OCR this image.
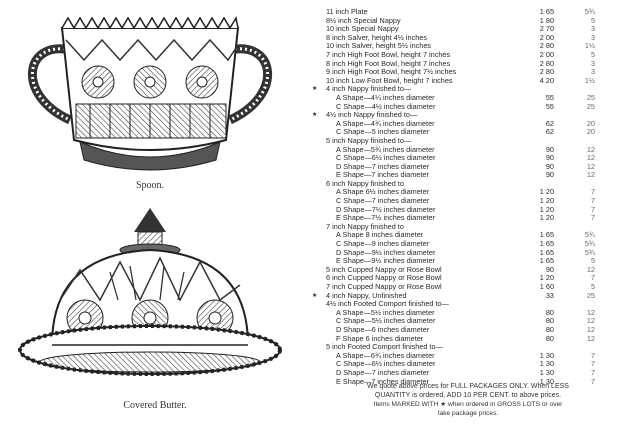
Spoon.
Covered Butter.
11 inch Plate	1 65	5¾
8½ inch Special Nappy	1 80	5
10 inch Special Nappy	2 70	3
8 inch Salver, height 4½ inches	2 00	3
10 inch Salver, height 5½ inches	2 80	1½
7 inch High Foot Bowl, height 7 inches	2 00	5
8 inch High Foot Bowl, height 7 inches	2 80	3
9 inch High Foot Bowl, height 7½ inches	2 80	3
10 inch Low Foot Bowl, height 7 inches	4 20	1½
★	4 inch Nappy finished to—
A Shape—4¼ inches diameter	55	25
C Shape—4½ inches diameter	55	25
★	4½ inch Nappy finished to—
A Shape—4¾ inches diameter	62	20
C Shape—5 inches diameter	62	20
5 inch Nappy finished to—
A Shape—5¾ inches diameter	90	12
C Shape—6½ inches diameter	90	12
D Shape—7 inches diameter	90	12
E Shape—7 inches diameter	90	12
6 inch Nappy finished to
A Shape 6½ inches diameter	1 20	7
C Shape—7 inches diameter	1 20	7
D Shape—7½ inches diameter	1 20	7
E Shape—7½ inches diameter	1 20	7
7 inch Nappy finished to
A Shape 8 inches diameter	1 65	5¾
C Shape—9 inches diameter	1 65	5¾
D Shape—9½ inches diameter	1 65	5¾
E Shape—9½ inches diameter	1 65	5
5 inch Cupped Nappy or Rose Bowl	90	12
6 inch Cupped Nappy or Rose Bowl	1 20	7
7 inch Cupped Nappy or Rose Bowl	1 60	5
★	4 inch Nappy, Unfinished	33	25
4½ inch Footed Comport finished to—
A Shape—5½ inches diameter	80	12
C Shape—5½ inches diameter	80	12
D Shape—6 inches diameter	80	12
F Shape 6 inches diameter	80	12
5 inch Footed Comport finished to—
A Shape—6¾ inches diameter	1 30	7
C Shape—6½ inches diameter	1 30	7
D Shape—7 inches diameter	1 30	7
E Shape—7 inches diameter	1 30	7
We quote above prices for FULL PACKAGES ONLY. When LESS
QUANTITY is ordered, ADD 10 PER CENT. to above prices.
Items MARKED WITH ★ when ordered in GROSS LOTS or over
take package prices.
